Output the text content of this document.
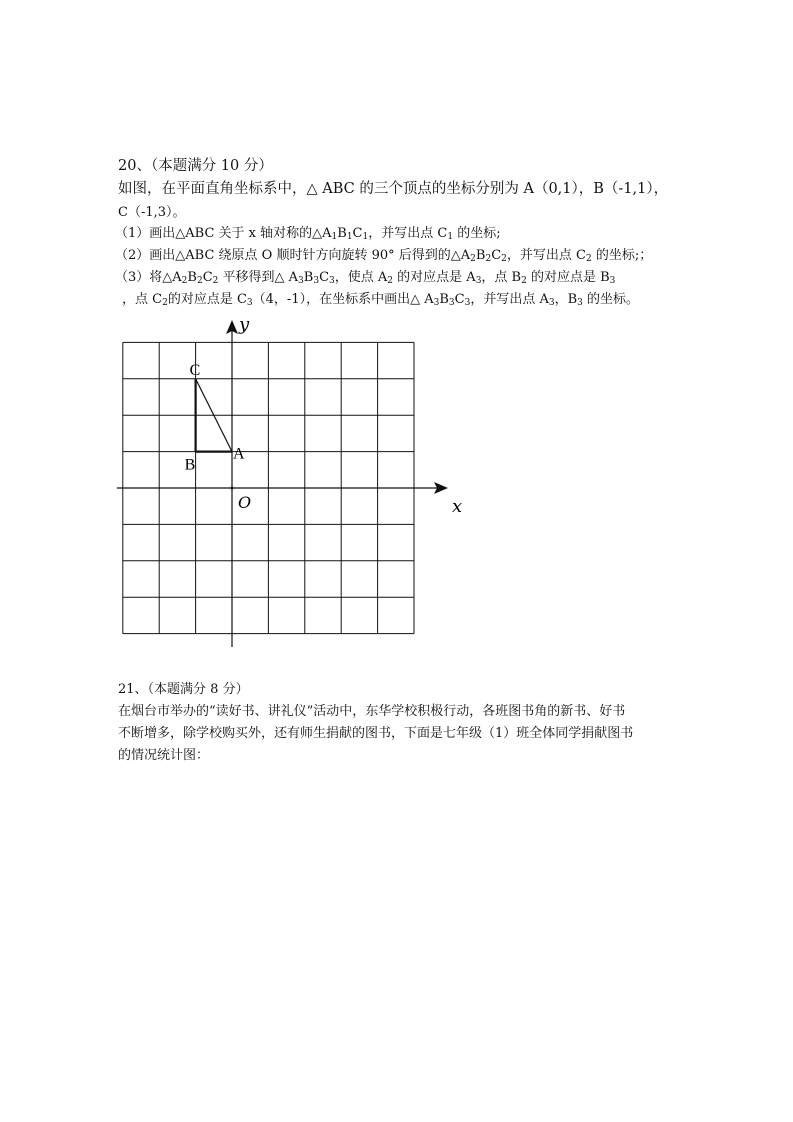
20、（本题满分 10 分）
如图，在平面直角坐标系中，△ ABC 的三个顶点的坐标分别为 A（0,1），B（-1,1），
C（-1,3）。
（1）画出△ABC 关于 x 轴对称的$\triangle A_1B_1C_1$，并写出点 $C_1$ 的坐标;
（2）画出△ABC 绕原点 O 顺时针方向旋转 90° 后得到的$\triangle A_2B_2C_2$，并写出点 $C_2$ 的坐标;；
（3）将$\triangle A_2B_2C_2$ 平移得到△ $A_3B_3C_3$，使点 $A_2$ 的对应点是 $A_3$，点 $B_2$ 的对应点是 $B_3$
，点 $C_2$的对应点是 $C_3(4$，-1），在坐标系中画出△ $A_3B_3C_3$，并写出点 $A_3$，$B_3$ 的坐标。
y
x
O
A
B
C
21、（本题满分 8 分）
在烟台市举办的“读好书、讲礼仪”活动中，东华学校积极行动，各班图书角的新书、好书
不断增多，除学校购买外，还有师生捐献的图书，下面是七年级（1）班全体同学捐献图书
的情况统计图：
